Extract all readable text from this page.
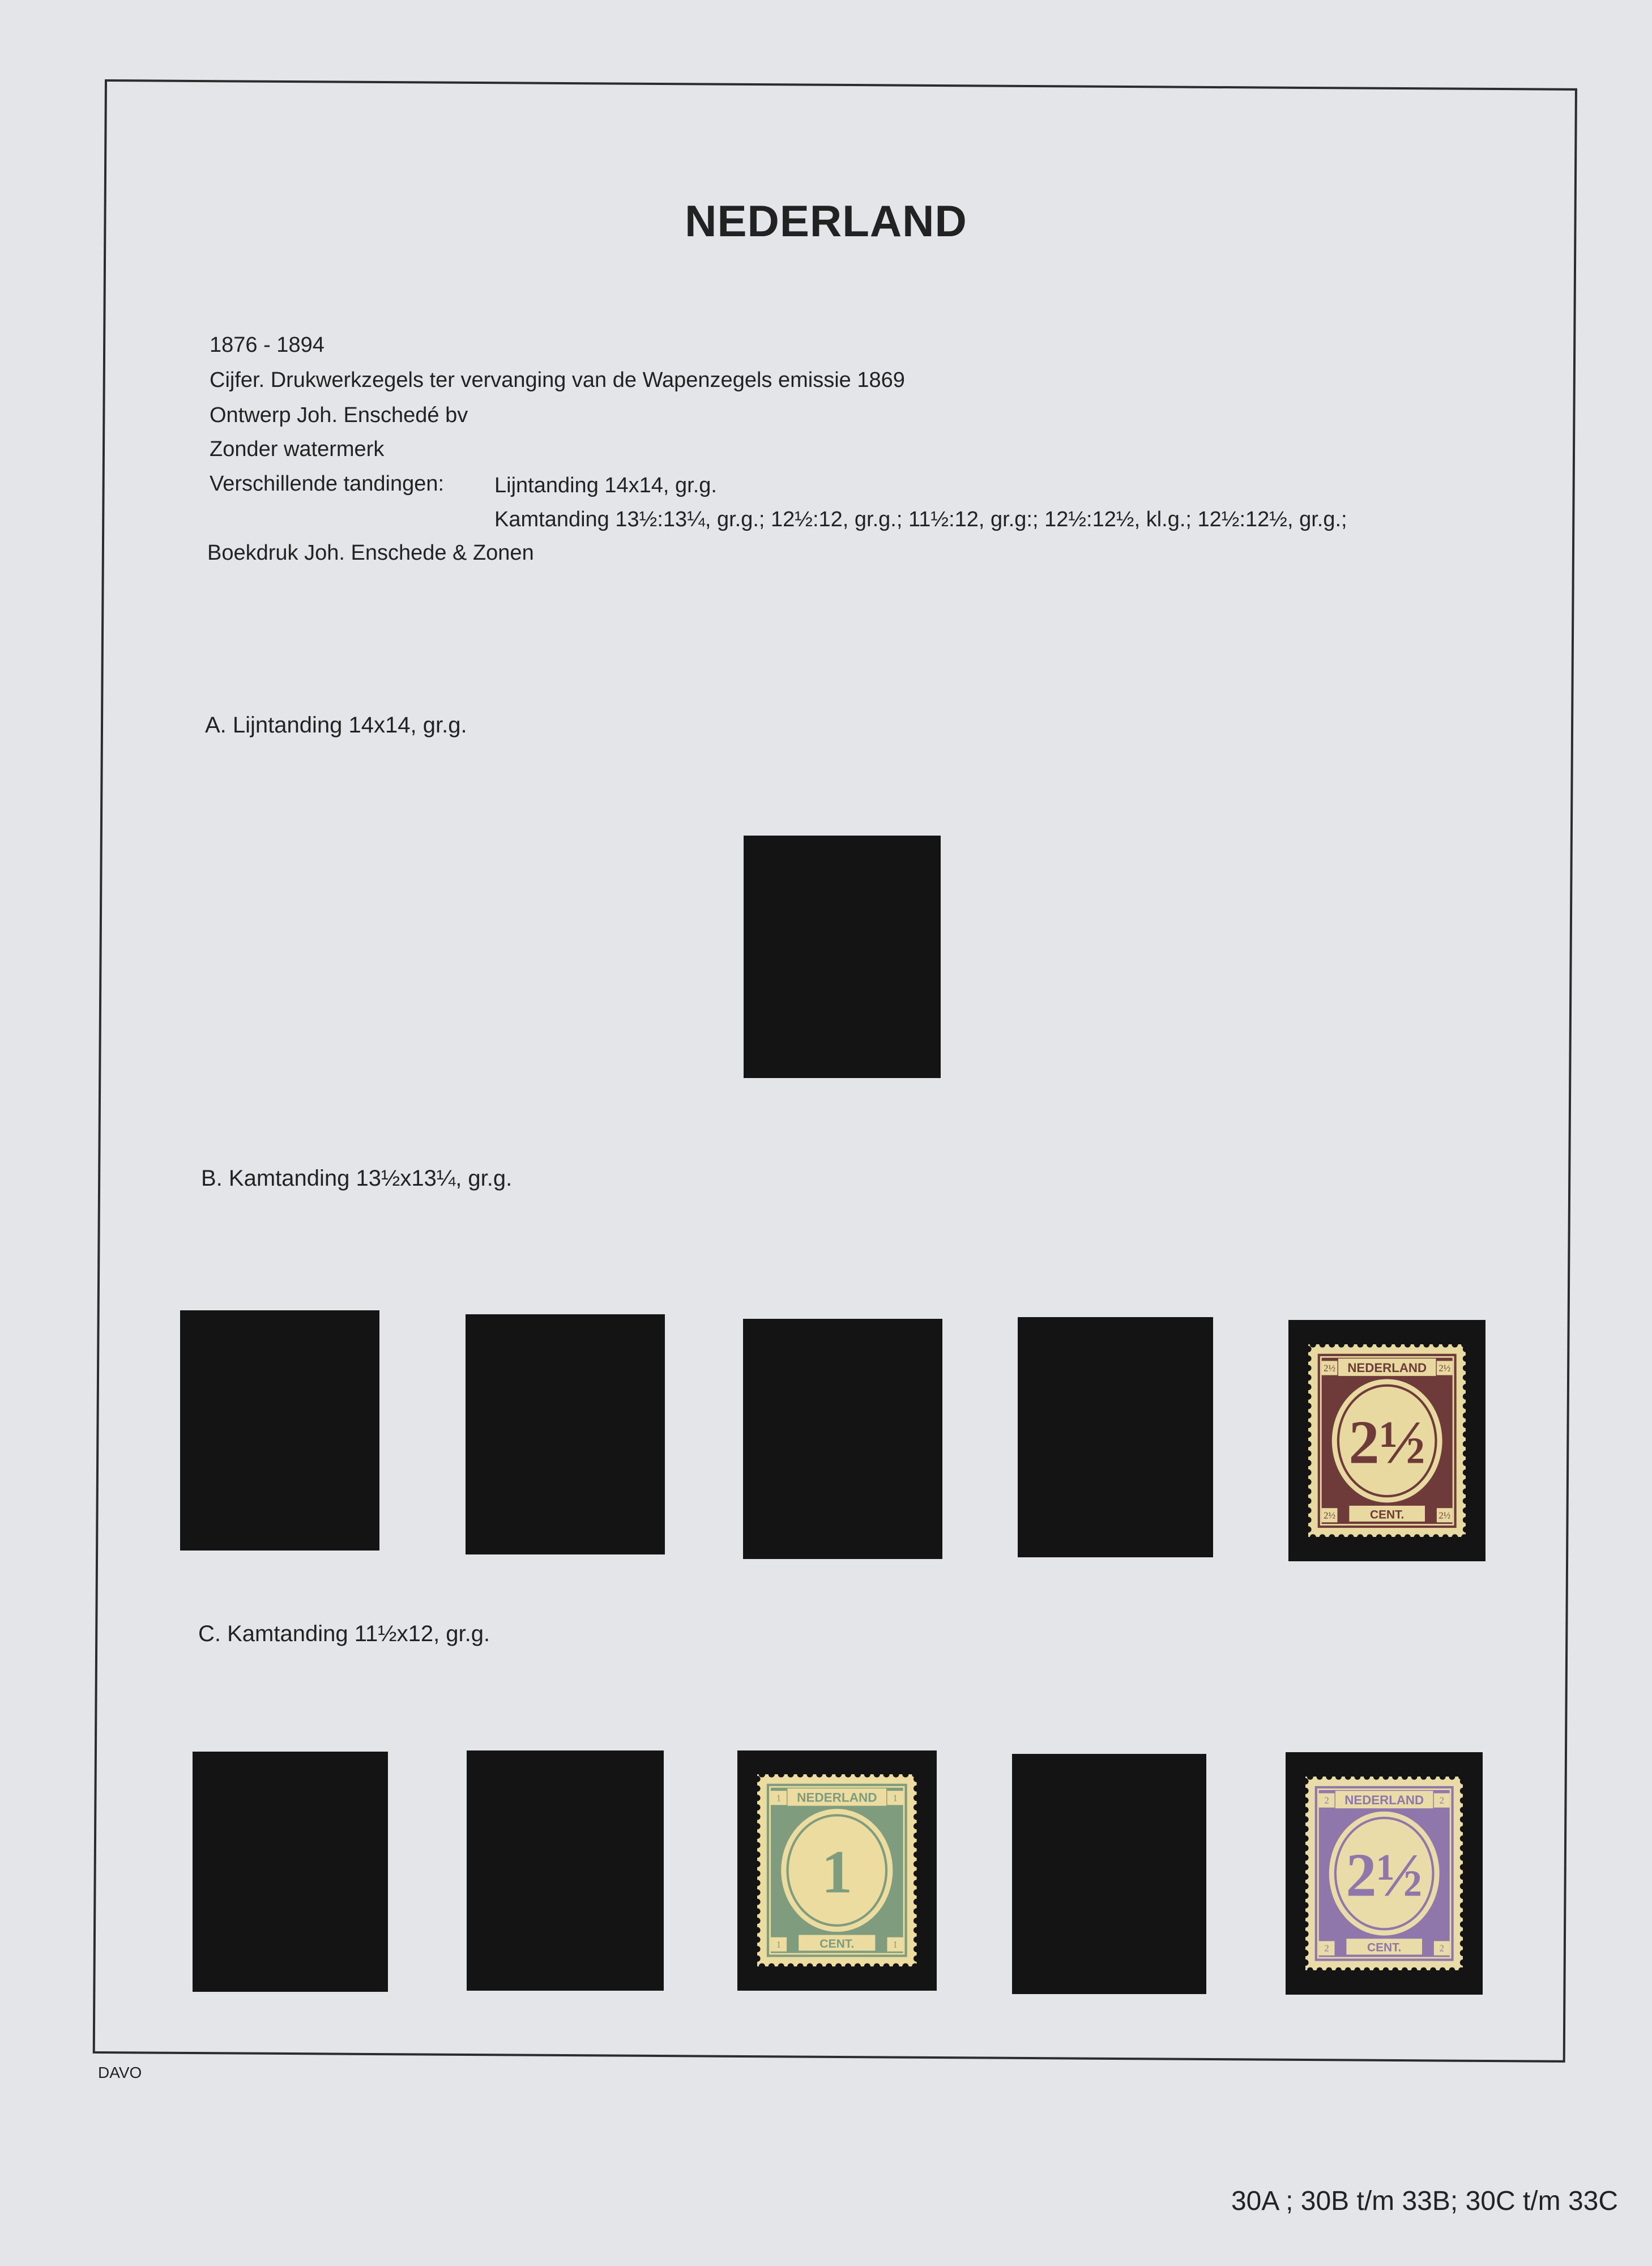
NEDERLAND
1876 - 1894
Cijfer. Drukwerkzegels ter vervanging van de Wapenzegels emissie 1869
Ontwerp Joh. Enschedé bv
Zonder watermerk
Verschillende tandingen: Lijntanding 14x14, gr.g.
Kamtanding 13½:13¼, gr.g.; 12½:12, gr.g.; 11½:12, gr.g:; 12½:12½, kl.g.; 12½:12½, gr.g.;
Boekdruk Joh. Enschede & Zonen
A. Lijntanding 14x14, gr.g.
B. Kamtanding 13½x13¼, gr.g.
C. Kamtanding 11½x12, gr.g.
NEDERLAND
CENT.
2½	2½
2½	2½
2½
NEDERLAND
CENT.
1	1
1	1
1
NEDERLAND
CENT.
2	2
2	2
2½
DAVO
30A ; 30B t/m 33B; 30C t/m 33C
